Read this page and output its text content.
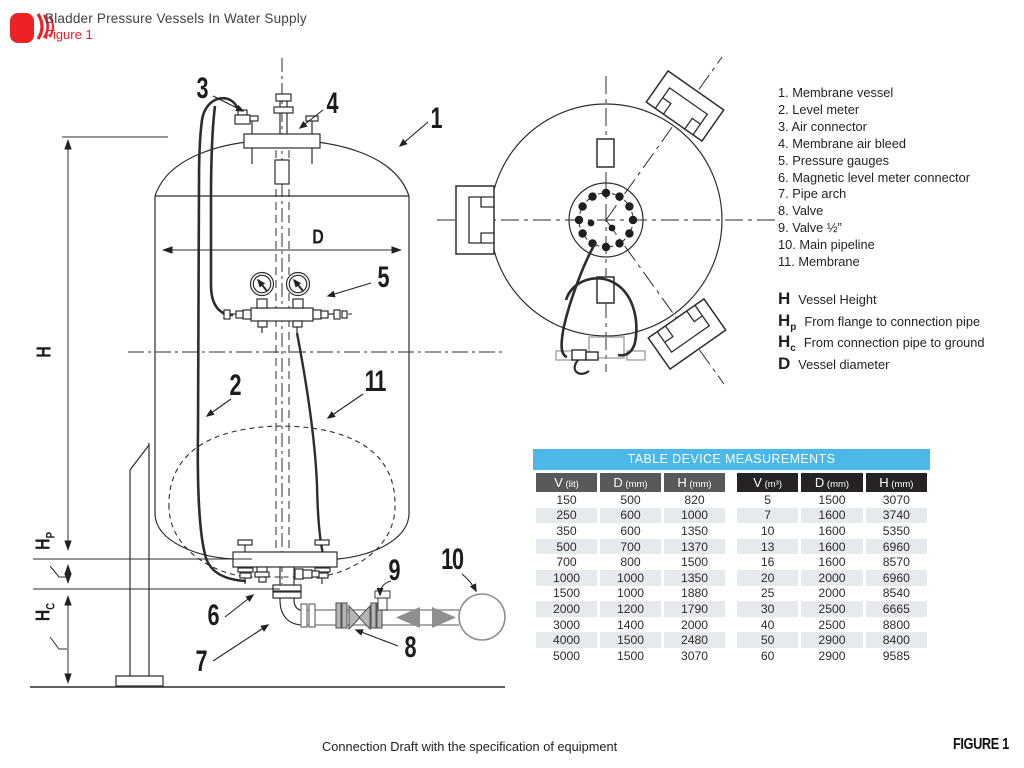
Bladder Pressure Vessels In Water Supply
Figure 1
1
2
3	4
5
6
7	8
9 10
11
H
$H_P$
$H_C$
D
1. Membrane vessel
2. Level meter
3. Air connector
4. Membrane air bleed
5. Pressure gauges
6. Magnetic level meter connector
7. Pipe arch
8. Valve
9. Valve ½”
10. Main pipeline
11. Membrane
H Vessel Height
H p From flange to connection pipe
H c From connection pipe to ground
D Vessel diameter
TABLE DEVICE MEASUREMENTS
V (lit)	D (mm)	H (mm)
150	500	820
250	600	1000
350	600	1350
500	700	1370
700	800	1500
1000	1000	1350
1500	1000	1880
2000	1200	1790
3000	1400	2000
4000	1500	2480
5000	1500	3070
V (m³)	D (mm)	H (mm)
5	1500	3070
7	1600	3740
10	1600	5350
13	1600	6960
16	1600	8570
20	2000	6960
25	2000	8540
30	2500	6665
40	2500	8800
50	2900	8400
60	2900	9585
Connection Draft with the specification of equipment	FIGURE 1
